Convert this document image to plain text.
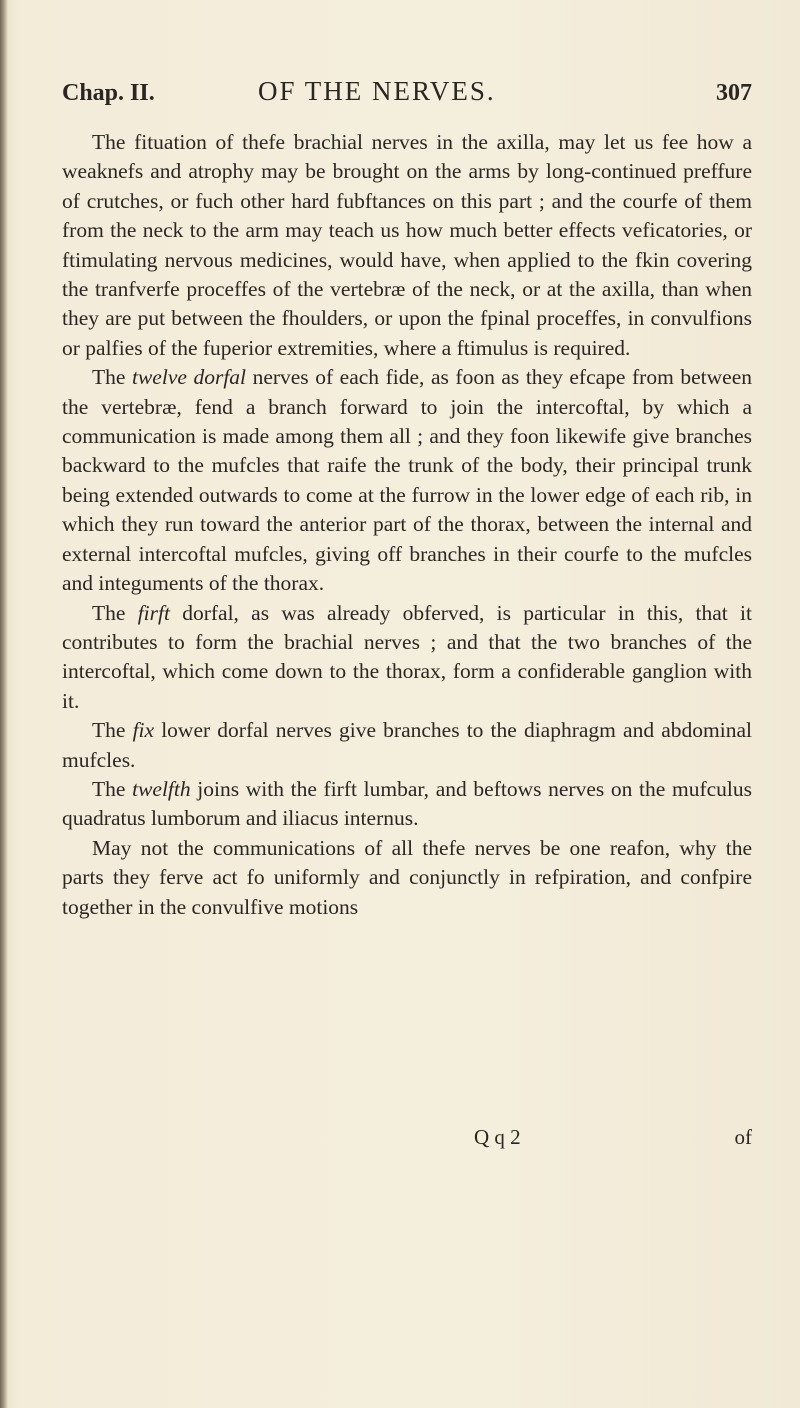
Chap. II.	OF THE NERVES.	307

The fituation of thefe brachial nerves in the axilla, may let us fee how a weaknefs and atrophy may be brought on the arms by long-continued preffure of crutches, or fuch other hard fubftances on this part ; and the courfe of them from the neck to the arm may teach us how much better effects veficatories, or ftimulating nervous medicines, would have, when applied to the fkin covering the tranfverfe proceffes of the vertebræ of the neck, or at the axilla, than when they are put between the fhoulders, or upon the fpinal proceffes, in convulfions or palfies of the fuperior extremities, where a ftimulus is required.

The twelve dorfal nerves of each fide, as foon as they efcape from between the vertebræ, fend a branch forward to join the intercoftal, by which a communication is made among them all ; and they foon likewife give branches backward to the mufcles that raife the trunk of the body, their principal trunk being extended outwards to come at the furrow in the lower edge of each rib, in which they run toward the anterior part of the thorax, between the internal and external intercoftal mufcles, giving off branches in their courfe to the mufcles and integuments of the thorax.

The firft dorfal, as was already obferved, is particular in this, that it contributes to form the brachial nerves ; and that the two branches of the intercoftal, which come down to the thorax, form a confiderable ganglion with it.

The fix lower dorfal nerves give branches to the diaphragm and abdominal mufcles.

The twelfth joins with the firft lumbar, and beftows nerves on the mufculus quadratus lumborum and iliacus internus.

May not the communications of all thefe nerves be one reafon, why the parts they ferve act fo uniformly and conjunctly in refpiration, and confpire together in the convulfive motions

Q q 2	of
